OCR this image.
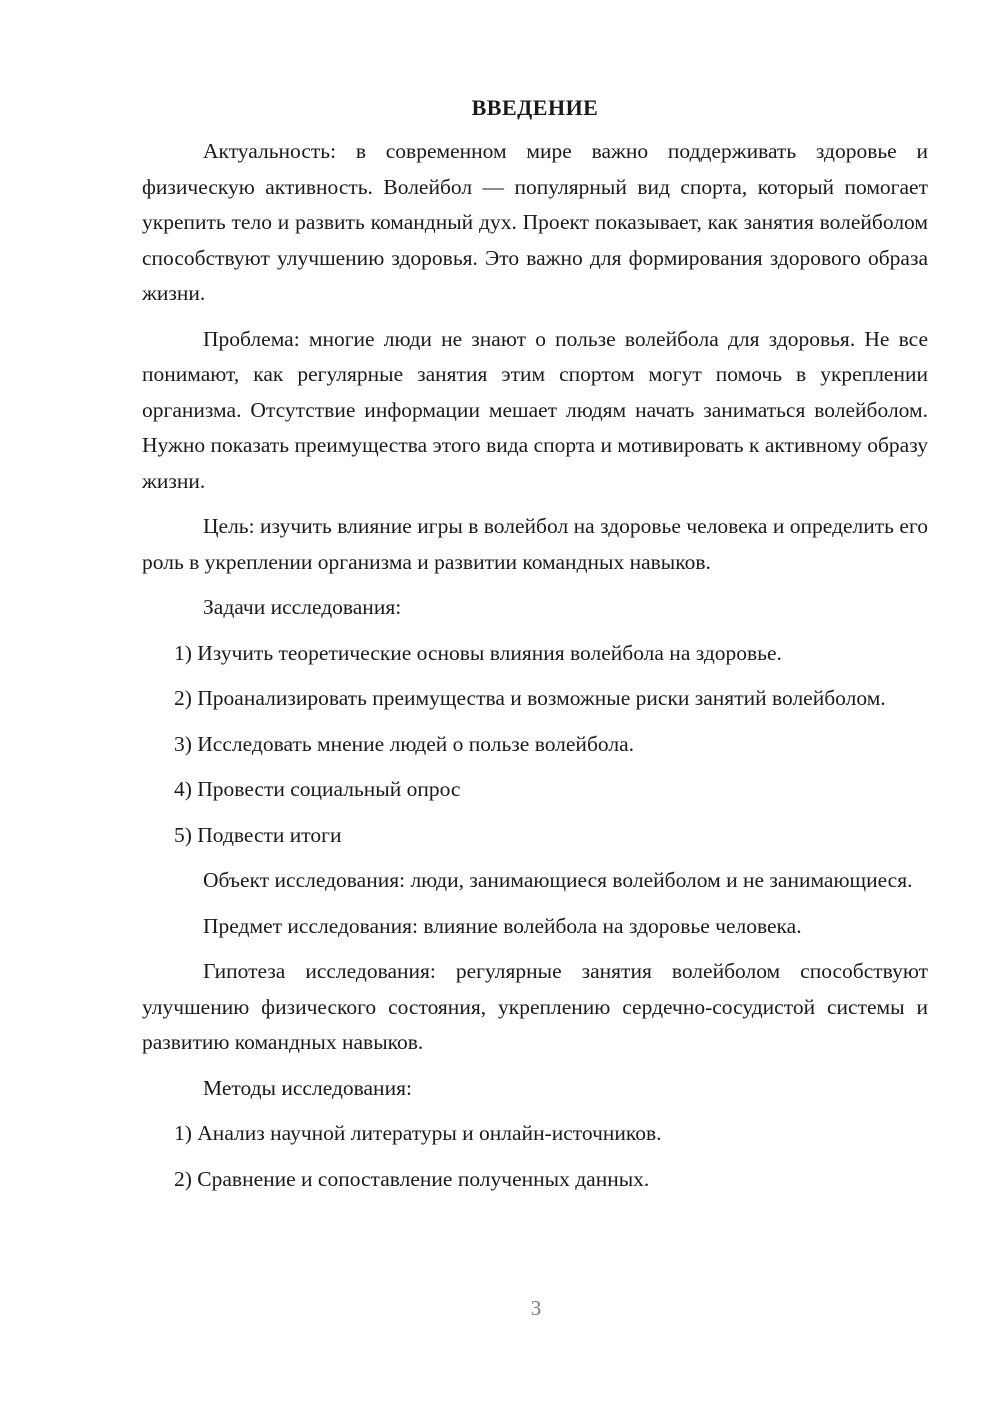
ВВЕДЕНИЕ

Актуальность: в современном мире важно поддерживать здоровье и физическую активность. Волейбол — популярный вид спорта, который помогает укрепить тело и развить командный дух. Проект показывает, как занятия волейболом способствуют улучшению здоровья. Это важно для формирования здорового образа жизни.

Проблема: многие люди не знают о пользе волейбола для здоровья. Не все понимают, как регулярные занятия этим спортом могут помочь в укреплении организма. Отсутствие информации мешает людям начать заниматься волейболом. Нужно показать преимущества этого вида спорта и мотивировать к активному образу жизни.

Цель: изучить влияние игры в волейбол на здоровье человека и определить его роль в укреплении организма и развитии командных навыков.

Задачи исследования:

1) Изучить теоретические основы влияния волейбола на здоровье.

2) Проанализировать преимущества и возможные риски занятий волейболом.

3) Исследовать мнение людей о пользе волейбола.

4) Провести социальный опрос

5) Подвести итоги

Объект исследования: люди, занимающиеся волейболом и не занимающиеся.

Предмет исследования: влияние волейбола на здоровье человека.

Гипотеза исследования: регулярные занятия волейболом способствуют улучшению физического состояния, укреплению сердечно-сосудистой системы и развитию командных навыков.

Методы исследования:

1) Анализ научной литературы и онлайн-источников.

2) Сравнение и сопоставление полученных данных.

3
